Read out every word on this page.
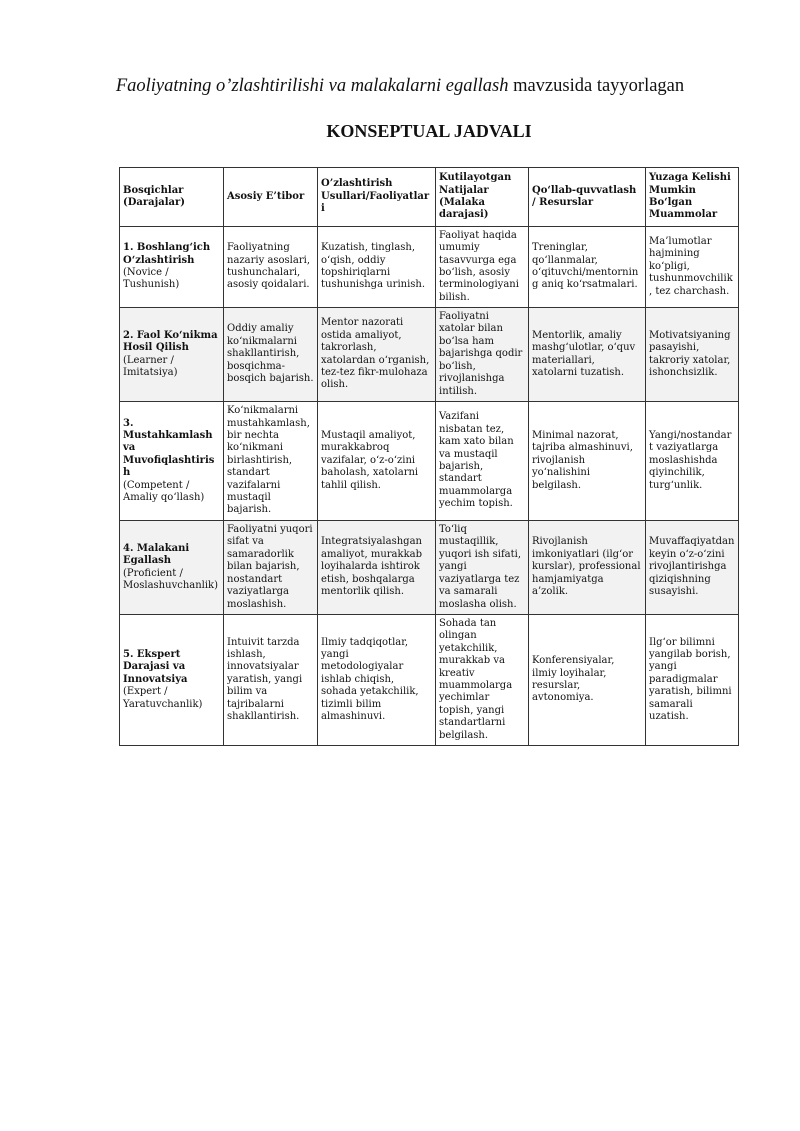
Faoliyatning o’zlashtirilishi va malakalarni egallash mavzusida tayyorlagan

KONSEPTUAL JADVALI
Bosqichlar (Darajalar)	Asosiy E’tibor	O’zlashtirish Usullari/Faoliyatlari	Kutilayotgan Natijalar (Malaka darajasi)	Qo‘llab-quvvatlash / Resurslar	Yuzaga Kelishi Mumkin Bo‘lgan Muammolar

1. Boshlang‘ich O‘zlashtirish
(Novice / Tushunish)	Faoliyatning nazariy asoslari, tushunchalari, asosiy qoidalari.	Kuzatish, tinglash, o‘qish, oddiy topshiriqlarni tushunishga urinish.	Faoliyat haqida umumiy tasavvurga ega bo‘lish, asosiy terminologiyani bilish.	Treninglar, qo‘llanmalar, o‘qituvchi/mentorning aniq ko‘rsatmalari.	Ma’lumotlar hajmining ko‘pligi, tushunmovchilik, tez charchash.

2. Faol Ko‘nikma Hosil Qilish
(Learner / Imitatsiya)	Oddiy amaliy ko‘nikmalarni shakllantirish, bosqichma-bosqich bajarish.	Mentor nazorati ostida amaliyot, takrorlash, xatolardan o‘rganish, tez-tez fikr-mulohaza olish.	Faoliyatni xatolar bilan bo‘lsa ham bajarishga qodir bo‘lish, rivojlanishga intilish.	Mentorlik, amaliy mashg‘ulotlar, o‘quv materiallari, xatolarni tuzatish.	Motivatsiyaning pasayishi, takroriy xatolar, ishonchsizlik.

3. Mustahkamlash va Muvofiqlashtirish
(Competent / Amaliy qo‘llash)	Ko‘nikmalarni mustahkamlash, bir nechta ko‘nikmani birlashtirish, standart vazifalarni mustaqil bajarish.	Mustaqil amaliyot, murakkabroq vazifalar, o‘z-o‘zini baholash, xatolarni tahlil qilish.	Vazifani nisbatan tez, kam xato bilan va mustaqil bajarish, standart muammolarga yechim topish.	Minimal nazorat, tajriba almashinuvi, rivojlanish yo‘nalishini belgilash.	Yangi/nostandart vaziyatlarga moslashishda qiyinchilik, turg‘unlik.

4. Malakani Egallash
(Proficient / Moslashuvchanlik)	Faoliyatni yuqori sifat va samaradorlik bilan bajarish, nostandart vaziyatlarga moslashish.	Integratsiyalashgan amaliyot, murakkab loyihalarda ishtirok etish, boshqalarga mentorlik qilish.	To‘liq mustaqillik, yuqori ish sifati, yangi vaziyatlarga tez va samarali moslasha olish.	Rivojlanish imkoniyatlari (ilg‘or kurslar), professional hamjamiyatga a’zolik.	Muvaffaqiyatdan keyin o‘z-o‘zini rivojlantirishga qiziqishning susayishi.

5. Ekspert Darajasi va Innovatsiya
(Expert / Yaratuvchanlik)	Intuivit tarzda ishlash, innovatsiyalar yaratish, yangi bilim va tajribalarni shakllantirish.	Ilmiy tadqiqotlar, yangi metodologiyalar ishlab chiqish, sohada yetakchilik, tizimli bilim almashinuvi.	Sohada tan olingan yetakchilik, murakkab va kreativ muammolarga yechimlar topish, yangi standartlarni belgilash.	Konferensiyalar, ilmiy loyihalar, resurslar, avtonomiya.	Ilg‘or bilimni yangilab borish, yangi paradigmalar yaratish, bilimni samarali uzatish.
